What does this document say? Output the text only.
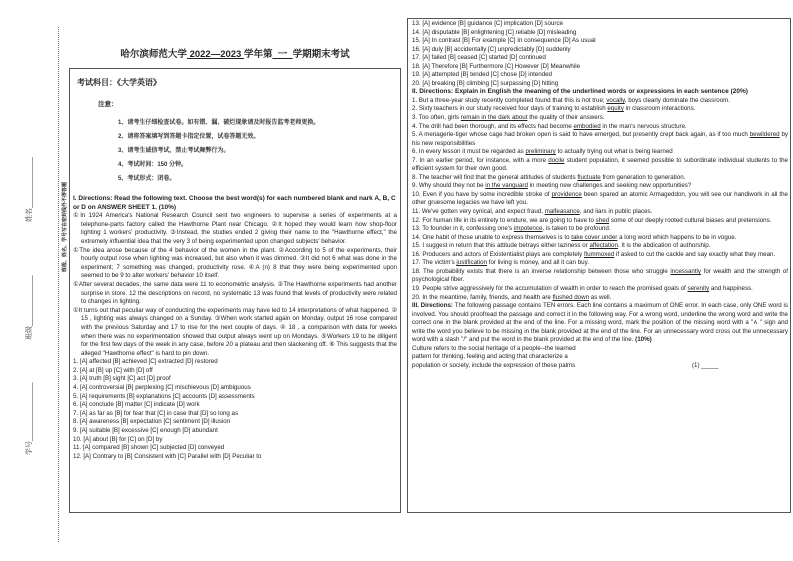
姓名_____________
班级_____________
学号_______________
班级、姓名、学号写在密封线外不得答题
哈尔滨师范大学 2022—2023 学年第 一 学期期末考试
考试科目：《大学英语》
注意：
1、请考生仔细检查试卷。如有错、漏、破烂现象请及时报告监考老师更换。
2、请将答案填写到答题卡指定位置，试卷答题无效。
3、请考生诚信考试，禁止考试舞弊行为。
4、考试时间：150 分钟。
5、考试形式：闭卷。
I. Directions: Read the following text. Choose the best word(s) for each numbered blank and nark A, B, C or D on ANSWER SHEET 1. (10%)
①In 1924 America's National Research Council sent two engineers to supervise a series of experiments at a telephone-parts factory called the Hawthorne Plant near Chicago. ②It hoped they would learn how shop-floor lighting 1 workers' productivity. ③Instead, the studies ended 2 giving their name to the "Hawthorne effect," the extremely influential idea that the very 3 of being experimented upon changed subjects' behavior.
①The idea arose because of the 4 behavior of the women in the plant. ②According to 5 of the experiments, their hourly output rose when lighting was increased, but also when it was dimmed. ③It did not 6 what was done in the experiment; 7 something was changed, productivity rose. ④A (n) 8 that they were being experimented upon seemed to be 9 to alter workers' behavior 10 itself.
①After several decades, the same data were 11 to econometric analysis. ②The Hawthorne experiments had another surprise in store. 12 the descriptions on record, no systematic 13 was found that levels of productivity were related to changes in lighting.
①It turns out that peculiar way of conducting the experiments may have led to 14 interpretations of what happened. ② 15 , lighting was always changed on a Sunday. ③When work started again on Monday, output 16 rose compared with the previous Saturday and 17 to rise for the next couple of days. ④ 18 , a comparison with data for weeks when there was no experimentation showed that output always went up on Mondays. ⑤Workers 19 to be diligent for the first few days of the week in any case, before 20 a plateau and then slackening off. ⑥ This suggests that the alleged "Hawthorne effect" is hard to pin down.
1. [A] affected [B] achieved [C] extracted [D] restored
2. [A] at [B] up [C] with [D] off
3. [A] truth [B] sight [C] act [D] proof
4. [A] controversial [B] perplexing [C] mischievous [D] ambiguous
5. [A] requirements [B] explanations [C] accounts [D] assessments
6. [A] conclude [B] matter [C] indicate [D] work
7. [A] as far as [B] for fear that [C] in case that [D] so long as
8. [A] awareness [B] expectation [C] sentiment [D] illusion
9. [A] suitable [B] excessive [C] enough [D] abundant
10. [A] about [B] for [C] on [D] by
11. [A] compared [B] shown [C] subjected [D] conveyed
12. [A] Contrary to [B] Consistent with [C] Parallel with [D] Peculiar to
13. [A] evidence [B] guidance [C] implication [D] source
14. [A] disputable [B] enlightening [C] reliable [D] misleading
15. [A] In contrast [B] For example [C] In consequence [D] As usual
16. [A] duly [B] accidentally [C] unpredictably [D] suddenly
17. [A] failed [B] ceased [C] started [D] continued
18. [A] Therefore [B] Furthermore [C] However [D] Meanwhile
19. [A] attempted [B] tended [C] chose [D] intended
20. [A] breaking [B] climbing [C] surpassing [D] hitting
II. Directions: Explain in English the meaning of the underlined words or expressions in each sentence (20%)
1. But a three-year study recently completed found that this is not true; vocally, boys clearly dominate the classroom.
2. Sixty teachers in our study received four days of training to establish equity in classroom interactions.
3. Too often, girls remain in the dark about the quality of their answers.
4. The drill had been thorough, and its effects had become embodied in the man's nervous structure.
5. A menagerie-tiger whose cage had broken open is said to have emerged, but presently crept back again, as if too much bewildered by his new responsibilities
6. In every lesson it must be regarded as preliminary to actually trying out what is being learned
7. In an earlier period, for instance, with a more docile student population, it seemed possible to subordinate individual students to the efficient system for their own good.
8. The teacher will find that the general attitudes of students fluctuate from generation to generation.
9. Why should they not be in the vanguard in meeting new challenges and seeking new opportunities?
10. Even if you have by some incredible stroke of providence been spared an atomic Armageddon, you will see our handiwork in all the other gruesome legacies we have left you.
11. We've gotten very cynical, and expect fraud, malfeasance, and liars in public places.
12. For human life in its entirety to endure, we are going to have to shed some of our deeply rooted cultural biases and pretensions.
13. To founder in it, confessing one's impotence, is taken to be profound.
14. One habit of those unable to express themselves is to take cover under a long word which happens to be in vogue.
15. I suggest in return that this attitude betrays either laziness or affectation. It is the abdication of authorship.
16. Producers and actors of Existentialist plays are completely flummoxed if asked to cut the cackle and say exactly what they mean.
17. The victim's justification for living is money, and all it can buy.
18. The probability exists that there is an inverse relationship between those who struggle incessantly for wealth and the strength of psychological fiber.
19. People strive aggressively for the accumulation of wealth in order to reach the promised goals of serenity and happiness.
20. In the meantime, family, friends, and health are flushed down as well.
III. Directions: The following passage contains TEN errors. Each line contains a maximum of ONE error. In each case, only ONE word is involved. You should proofread the passage and correct it in the following way. For a wrong word, underline the wrong word and write the correct one in the blank provided at the end of the line. For a missing word, mark the position of the missing word with a "∧ " sign and write the word you believe to be missing in the blank provided at the end of the line. For an unnecessary word cross out the unnecessary word with a slash "/" and put the word in the blank provided at the end of the line. (10%)
Culture refers to the social heritage of a people--the learned
pattern for thinking, feeling and acting that characterize a
population or society, include the expression of these palms	(1) _____
